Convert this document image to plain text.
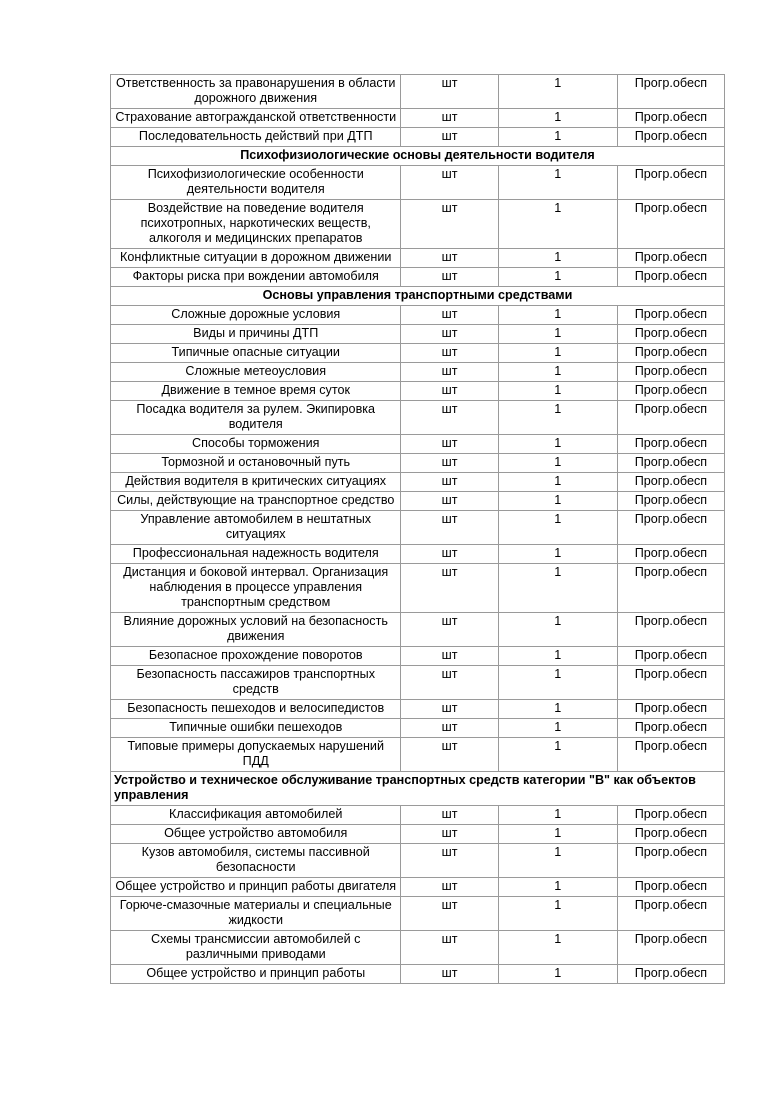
Ответственность за правонарушения в области дорожного движения	шт	1	Прогр.обесп
Страхование автогражданской ответственности	шт	1	Прогр.обесп
Последовательность действий при ДТП	шт	1	Прогр.обесп
Психофизиологические основы деятельности водителя			
Психофизиологические особенности деятельности водителя	шт	1	Прогр.обесп
Воздействие на поведение водителя психотропных, наркотических веществ, алкоголя и медицинских препаратов	шт	1	Прогр.обесп
Конфликтные ситуации в дорожном движении	шт	1	Прогр.обесп
Факторы риска при вождении автомобиля	шт	1	Прогр.обесп
Основы управления транспортными средствами			
Сложные дорожные условия	шт	1	Прогр.обесп
Виды и причины ДТП	шт	1	Прогр.обесп
Типичные опасные ситуации	шт	1	Прогр.обесп
Сложные метеоусловия	шт	1	Прогр.обесп
Движение в темное время суток	шт	1	Прогр.обесп
Посадка водителя за рулем. Экипировка водителя	шт	1	Прогр.обесп
Способы торможения	шт	1	Прогр.обесп
Тормозной и остановочный путь	шт	1	Прогр.обесп
Действия водителя в критических ситуациях	шт	1	Прогр.обесп
Силы, действующие на транспортное средство	шт	1	Прогр.обесп
Управление автомобилем в нештатных ситуациях	шт	1	Прогр.обесп
Профессиональная надежность водителя	шт	1	Прогр.обесп
Дистанция и боковой интервал. Организация наблюдения в процессе управления транспортным средством	шт	1	Прогр.обесп
Влияние дорожных условий на безопасность движения	шт	1	Прогр.обесп
Безопасное прохождение поворотов	шт	1	Прогр.обесп
Безопасность пассажиров транспортных средств	шт	1	Прогр.обесп
Безопасность пешеходов и велосипедистов	шт	1	Прогр.обесп
Типичные ошибки пешеходов	шт	1	Прогр.обесп
Типовые примеры допускаемых нарушений ПДД	шт	1	Прогр.обесп
Устройство и техническое обслуживание транспортных средств категории "В" как объектов управления			
Классификация автомобилей	шт	1	Прогр.обесп
Общее устройство автомобиля	шт	1	Прогр.обесп
Кузов автомобиля, системы пассивной безопасности	шт	1	Прогр.обесп
Общее устройство и принцип работы двигателя	шт	1	Прогр.обесп
Горюче-смазочные материалы и специальные жидкости	шт	1	Прогр.обесп
Схемы трансмиссии автомобилей с различными приводами	шт	1	Прогр.обесп
Общее устройство и принцип работы	шт	1	Прогр.обесп
